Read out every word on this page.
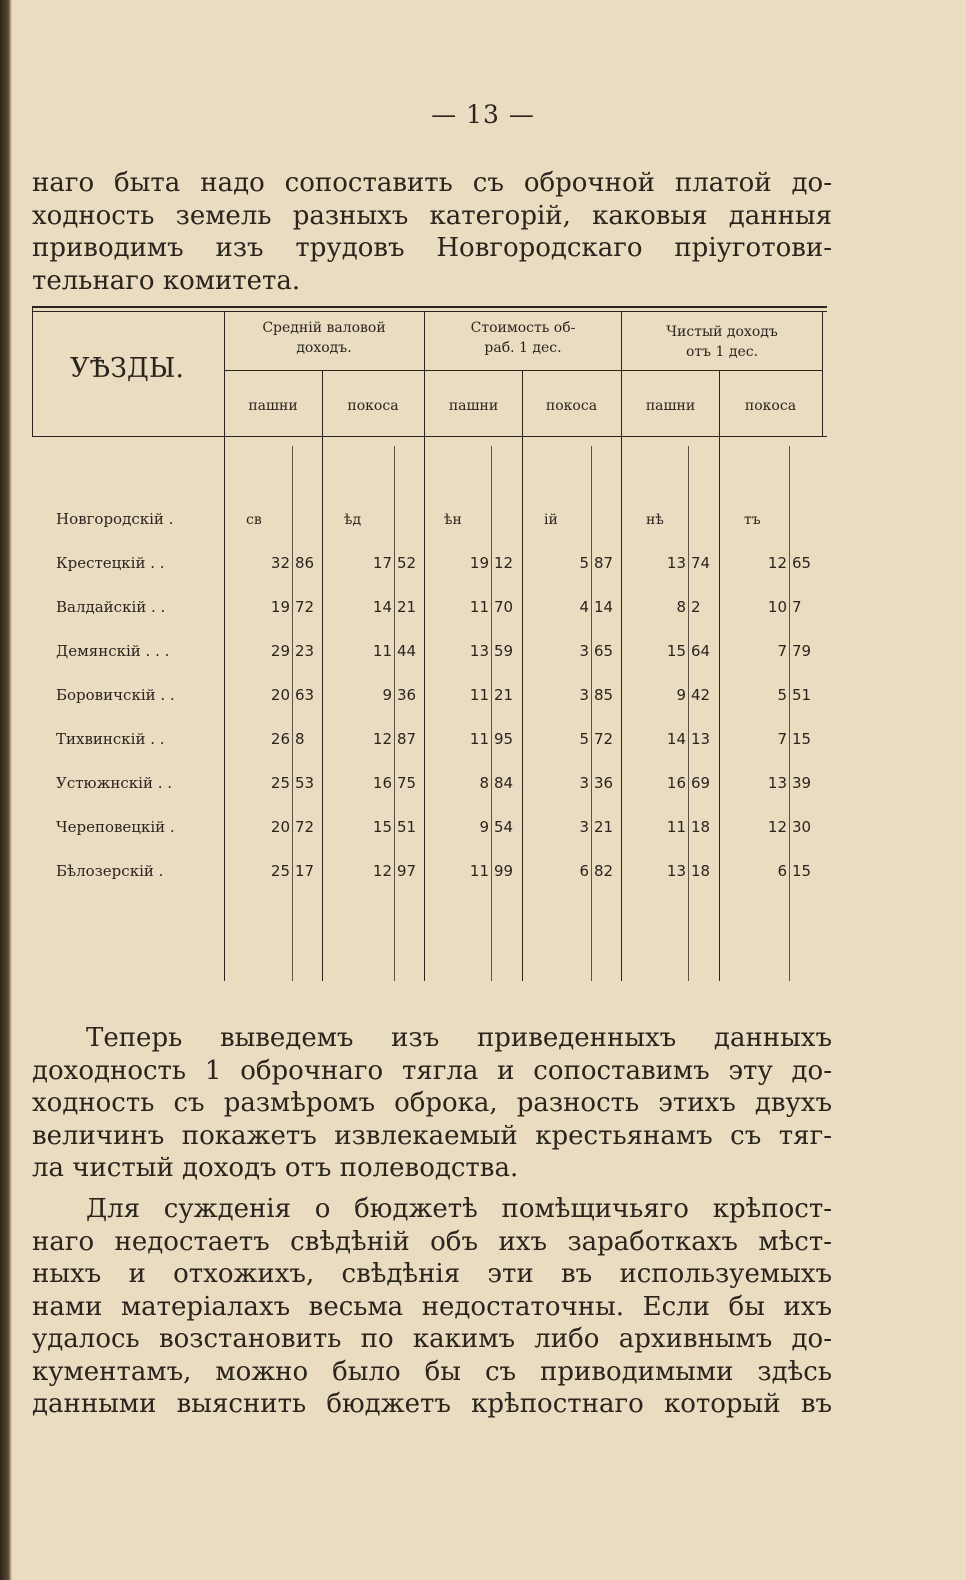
— 13 —

наго быта надо сопоставить съ оброчной платой до-
ходность земель разныхъ категорій, каковыя данныя
приводимъ изъ трудовъ Новгородскаго пріуготови-
тельнаго комитета.

УѢЗДЫ.
Среднiй валовой
доходъ.
Стоимость об-
раб. 1 дес.
Чистый доходъ
отъ 1 дес.
пашни	покоса	пашни	покоса	пашни	покоса
Новгородскiй .	св	ѣд	ѣн	iй	нѣ	тъ
Крестецкiй . .	32 86	17 52	19 12	5 87	13 74	12 65
Валдайскiй . .	19 72	14 21	11 70	4 14	8 2	10 7
Демянскiй . . .	29 23	11 44	13 59	3 65	15 64	7 79
Боровичскiй . .	20 63	9 36	11 21	3 85	9 42	5 51
Тихвинскiй . .	26 8	12 87	11 95	5 72	14 13	7 15
Устюжнскiй . .	25 53	16 75	8 84	3 36	16 69	13 39
Череповецкiй .	20 72	15 51	9 54	3 21	11 18	12 30
Бѣлозерскiй .	25 17	12 97	11 99	6 82	13 18	6 15

Теперь выведемъ изъ приведенныхъ данныхъ
доходность 1 оброчнаго тягла и сопоставимъ эту до-
ходность съ размѣромъ оброка, разность этихъ двухъ
величинъ покажетъ извлекаемый крестьянамъ съ тяг-
ла чистый доходъ отъ полеводства.

Для сужденія о бюджетѣ помѣщичьяго крѣпост-
наго недостаетъ свѣдѣній объ ихъ заработкахъ мѣст-
ныхъ и отхожихъ, свѣдѣнія эти въ используемыхъ
нами матеріалахъ весьма недостаточны. Если бы ихъ
удалось возстановить по какимъ либо архивнымъ до-
кументамъ, можно было бы съ приводимыми здѣсь
данными выяснить бюджетъ крѣпостнаго который въ
